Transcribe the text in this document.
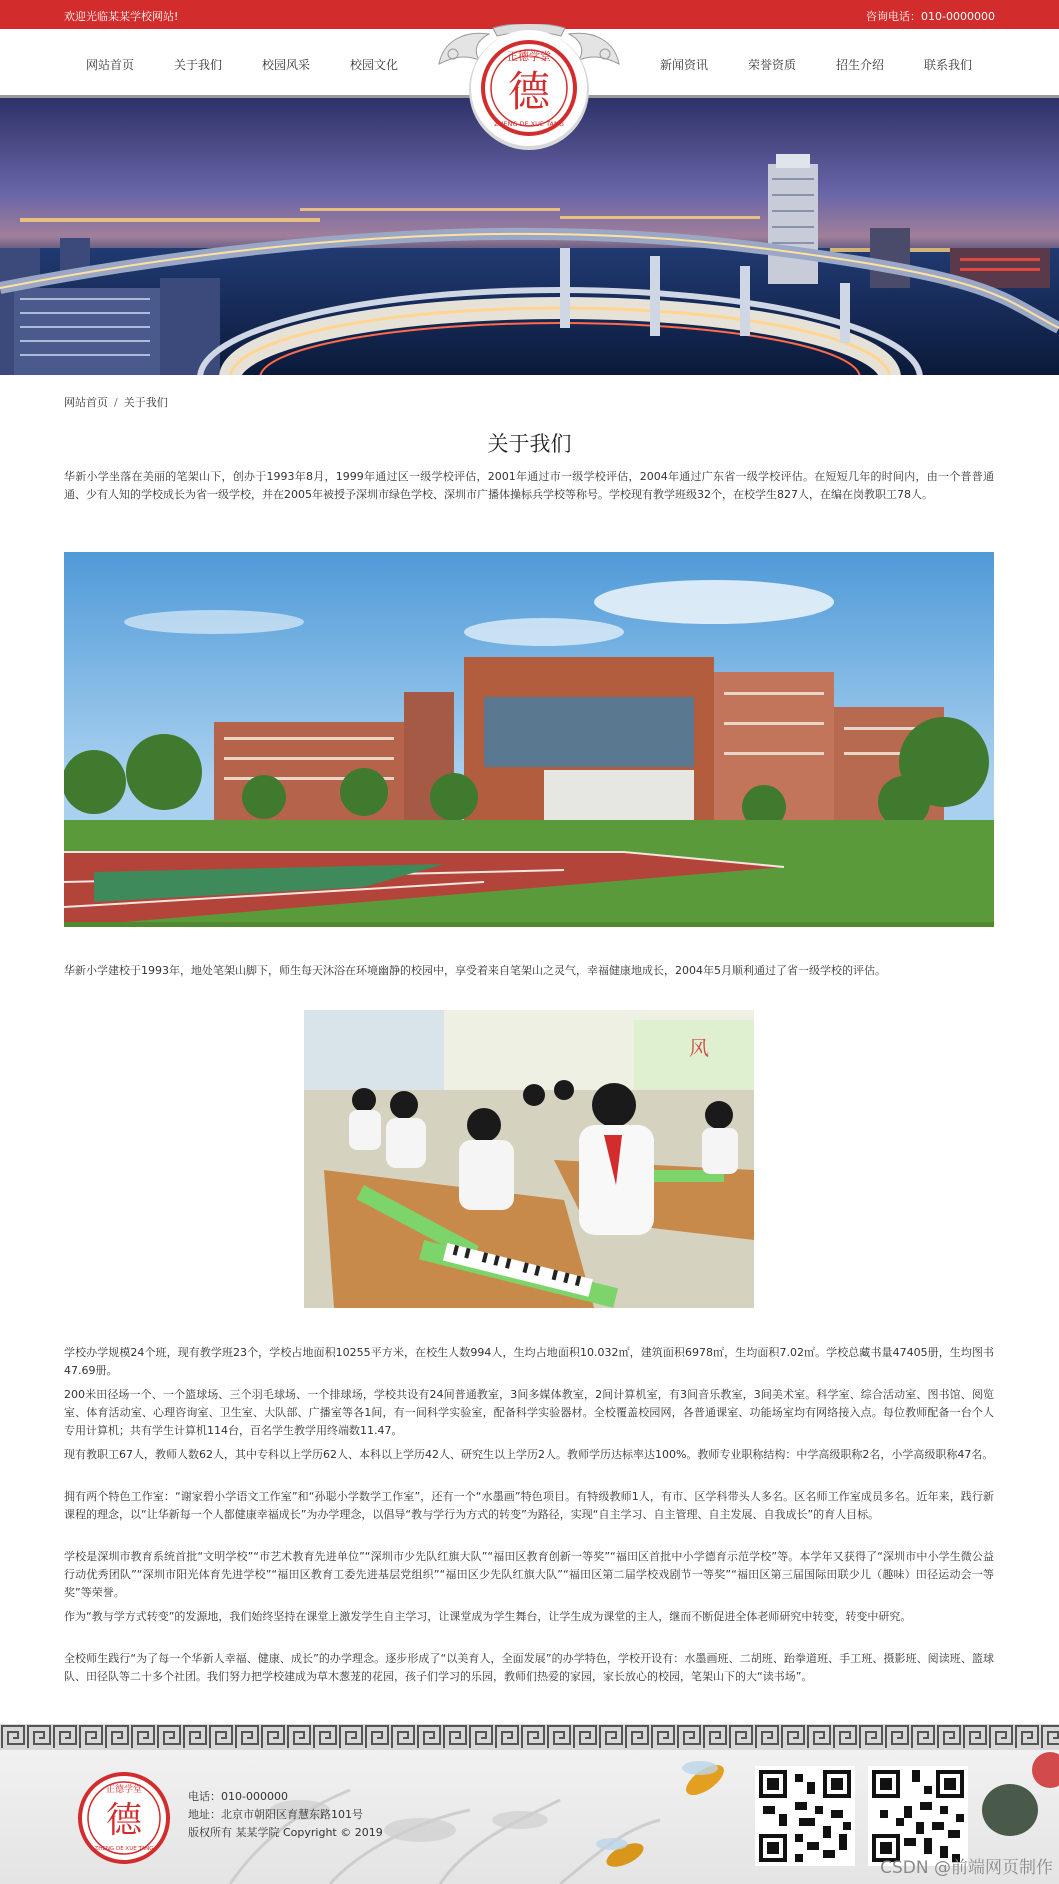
欢迎光临某某学校网站!	咨询电话：010-0000000
网站首页	关于我们	校园风采	校园文化	新闻资讯	荣誉资质	招生介绍	联系我们
德
正德学堂
ZHENG DE XUE TANG
网站首页 / 关于我们
关于我们

华新小学坐落在美丽的笔架山下，创办于1993年8月，1999年通过区一级学校评估，2001年通过市一级学校评估，2004年通过广东省一级学校评估。在短短几年的时间内，由一个普普通通、少有人知的学校成长为省一级学校，并在2005年被授予深圳市绿色学校、深圳市广播体操标兵学校等称号。学校现有教学班级32个，在校学生827人，在编在岗教职工78人。

华新小学建校于1993年，地处笔架山脚下，师生每天沐浴在环境幽静的校园中，享受着来自笔架山之灵气，幸福健康地成长，2004年5月顺利通过了省一级学校的评估。

风

学校办学规模24个班，现有教学班23个，学校占地面积10255平方米，在校生人数994人，生均占地面积10.032㎡，建筑面积6978㎡，生均面积7.02㎡。学校总藏书量47405册，生均图书47.69册。

200米田径场一个、一个篮球场、三个羽毛球场、一个排球场，学校共设有24间普通教室，3间多媒体教室，2间计算机室，有3间音乐教室，3间美术室。科学室、综合活动室、图书馆、阅览室、体育活动室、心理咨询室、卫生室、大队部、广播室等各1间，有一间科学实验室，配备科学实验器材。全校覆盖校园网，各普通课室、功能场室均有网络接入点。每位教师配备一台个人专用计算机；共有学生计算机114台，百名学生教学用终端数11.47。

现有教职工67人，教师人数62人，其中专科以上学历62人、本科以上学历42人、研究生以上学历2人。教师学历达标率达100%。教师专业职称结构：中学高级职称2名，小学高级职称47名。

拥有两个特色工作室：“谢家碧小学语文工作室”和“孙聪小学数学工作室”，还有一个“水墨画”特色项目。有特级教师1人，有市、区学科带头人多名。区名师工作室成员多名。近年来，践行新课程的理念，以“让华新每一个人都健康幸福成长”为办学理念，以倡导“教与学行为方式的转变”为路径，实现“自主学习、自主管理、自主发展、自我成长”的育人目标。

学校是深圳市教育系统首批“文明学校”“市艺术教育先进单位”“深圳市少先队红旗大队”“福田区教育创新一等奖”“福田区首批中小学德育示范学校”等。本学年又获得了“深圳市中小学生微公益行动优秀团队”“深圳市阳光体育先进学校”“福田区教育工委先进基层党组织”“福田区少先队红旗大队”“福田区第二届学校戏剧节一等奖”“福田区第三届国际田联少儿（趣味）田径运动会一等奖”等荣誉。

作为“教与学方式转变”的发源地，我们始终坚持在课堂上激发学生自主学习，让课堂成为学生舞台，让学生成为课堂的主人，继而不断促进全体老师研究中转变，转变中研究。

全校师生践行“为了每一个华新人幸福、健康、成长”的办学理念。逐步形成了“以美育人，全面发展”的办学特色，学校开设有：水墨画班、二胡班、跆拳道班、手工班、摄影班、阅读班、篮球队、田径队等二十多个社团。我们努力把学校建成为草木葱茏的花园，孩子们学习的乐园，教师们热爱的家园，家长放心的校园，笔架山下的大“读书场”。

德
正德学堂
ZHENG DE XUE TANG
电话：010-000000
地址：北京市朝阳区育慧东路101号
版权所有 某某学院 Copyright © 2019
CSDN @前端网页制作
